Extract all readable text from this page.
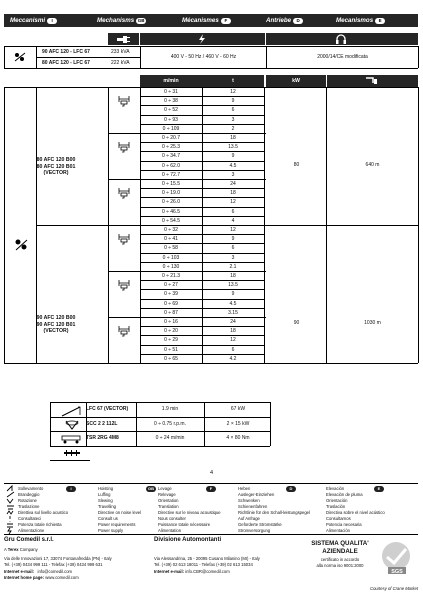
Meccanismi I	Mechanisms GB	Mécanismes F	Antriebe D	Mecanismos E
90 AFC 120 - LFC 67	233 kVA
80 AFC 120 - LFC 67	222 kVA
400 V - 50 Hz / 460 V - 60 Hz	2000/14/CE modificata
m/min	t	kW
0 ÷ 31	12
0 ÷ 38	9
0 ÷ 52	6
0 ÷ 93	3
0 ÷ 109	2
0 ÷ 20.7	18
0 ÷ 25.3	13.5
0 ÷ 34.7	9
0 ÷ 62.0	4.5
0 ÷ 72.7	3
0 ÷ 15.5	24
0 ÷ 19.0	18
0 ÷ 26.0	12
0 ÷ 46.5	6
0 ÷ 54.5	4
0 ÷ 32	12
0 ÷ 41	9
0 ÷ 58	6
0 ÷ 103	3
0 ÷ 130	2.1
0 ÷ 21.3	18
0 ÷ 27	13.5
0 ÷ 39	9
0 ÷ 69	4.5
0 ÷ 87	3.15
0 ÷ 16	24
0 ÷ 20	18
0 ÷ 29	12
0 ÷ 51	6
0 ÷ 65	4.2
80 AFC 120 B00
80 AFC 120 B01
(VECTOR)
80	640 m
90 AFC 120 B00
90 AFC 120 B01
(VECTOR)
90	1030 m
LFC 67 (VECTOR)	1.9 min	67 kW
SCC 2 2 112L	0 ÷ 0.75 r.p.m.	2 × 15 kW
TSR 2RG 4M8	0 ÷ 24 m/min	4 × 80 Nm
4
I	GB	F	D	E
Sollevamento	Hoisting	Levage	Heben	Elevación
Brandeggio	Luffing	Relevage	Ausleger-Einziehen	Elevación de pluma
Rotazione	Slewing	Orientation	Schwenken	Orientación
Traslazione	Travelling	Translation	Schienenfahren	Traslación
Direttiva sul livello acustico	Directive on noise level	Directive sur le niveau acoustique	Richtlinie für den Schall-leistungspegel	Directiva sobre el nivel acústico
Consultateci	Consult us	Nous consulter	Auf Anfrage	Consultarnos
Potenza totale richiesta	Power requirements	Puissance totale nécessaire	Geforderte Stromstärke	Potencia necesaria
Alimentazione	Power supply	Alimentation	Stromversorgung	Alimentación
Gru Comedil s.r.l.
A Terex Company
Via delle Innovazioni 17, 33074 Fontanafredda (PN) - Italy
Tel. (+39) 0434 999 111 - Telefax (+39) 0434 999 631
Internet e-mail: info@comedil.com
Internet home page: www.comedil.com
Divisione Automontanti
Via Alessandrina, 25 - 20095 Cusano Milanino (MI) - Italy
Tel. (+39) 02 613 18011 - Telefax (+39) 02 613 15034
Internet e-mail: info.CBR@comedil.com
SISTEMA QUALITA'
AZIENDALE
certificato in accordo
alla norma iso 9001:2000
SGS
Courtesy of Crane Market
